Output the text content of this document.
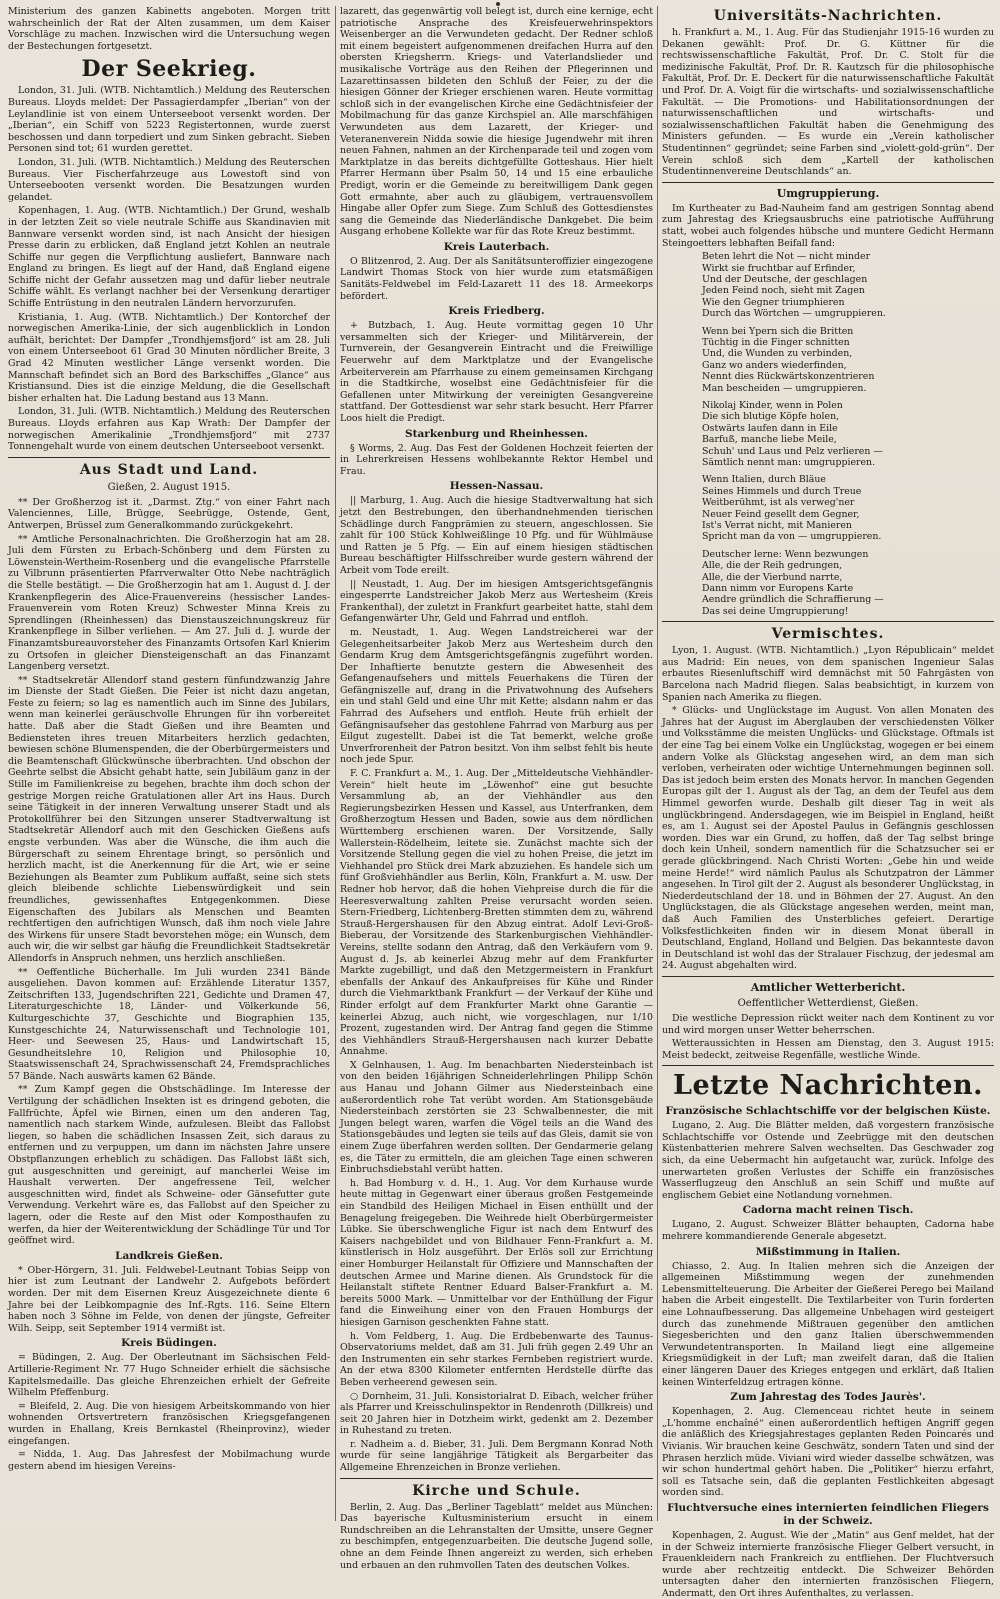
Ministerium des ganzen Kabinetts angeboten. Morgen tritt wahrscheinlich der Rat der Alten zusammen, um dem Kaiser Vorschläge zu machen. Inzwischen wird die Untersuchung wegen der Bestechungen fortgesetzt.

Der Seekrieg.

London, 31. Juli. (WTB. Nichtamtlich.) Meldung des Reuterschen Bureaus. Lloyds meldet: Der Passagierdampfer „Iberian“ von der Leylandlinie ist von einem Unterseeboot versenkt worden. Der „Iberian“, ein Schiff von 5223 Registertonnen, wurde zuerst beschossen und dann torpediert und zum Sinken gebracht. Sieben Personen sind tot; 61 wurden gerettet.

London, 31. Juli. (WTB. Nichtamtlich.) Meldung des Reuterschen Bureaus. Vier Fischerfahrzeuge aus Lowestoft sind von Unterseebooten versenkt worden. Die Besatzungen wurden gelandet.

Kopenhagen, 1. Aug. (WTB. Nichtamtlich.) Der Grund, weshalb in der letzten Zeit so viele neutrale Schiffe aus Skandinavien mit Bannware versenkt worden sind, ist nach Ansicht der hiesigen Presse darin zu erblicken, daß England jetzt Kohlen an neutrale Schiffe nur gegen die Verpflichtung ausliefert, Bannware nach England zu bringen. Es liegt auf der Hand, daß England eigene Schiffe nicht der Gefahr aussetzen mag und dafür lieber neutrale Schiffe wählt. Es verlangt nachher bei der Versenkung derartiger Schiffe Entrüstung in den neutralen Ländern hervorzurufen.

Kristiania, 1. Aug. (WTB. Nichtamtlich.) Der Kontorchef der norwegischen Amerika-Linie, der sich augenblicklich in London aufhält, berichtet: Der Dampfer „Trondhjemsfjord“ ist am 28. Juli von einem Unterseeboot 61 Grad 30 Minuten nördlicher Breite, 3 Grad 42 Minuten westlicher Länge versenkt worden. Die Mannschaft befindet sich an Bord des Barkschiffes „Glance“ aus Kristiansund. Dies ist die einzige Meldung, die die Gesellschaft bisher erhalten hat. Die Ladung bestand aus 13 Mann.

London, 31. Juli. (WTB. Nichtamtlich.) Meldung des Reuterschen Bureaus. Lloyds erfahren aus Kap Wrath: Der Dampfer der norwegischen Amerikalinie „Trondhjemsfjord“ mit 2737 Tonnengehalt wurde von einem deutschen Unterseeboot versenkt.

Aus Stadt und Land.
Gießen, 2. August 1915.

** Der Großherzog ist it. „Darmst. Ztg.“ von einer Fahrt nach Valenciennes, Lille, Brügge, Seebrügge, Ostende, Gent, Antwerpen, Brüssel zum Generalkommando zurückgekehrt.

** Amtliche Personalnachrichten. Die Großherzogin hat am 28. Juli dem Fürsten zu Erbach-Schönberg und dem Fürsten zu Löwenstein-Wertheim-Rosenberg und die evangelische Pfarrstelle zu Vilbrunn präsentierten Pfarrverwalter Otto Nebe nachträglich die Stelle bestätigt. — Die Großherzogin hat am 1. August d. J. der Krankenpflegerin des Alice-Frauenvereins (hessischer Landes-Frauenverein vom Roten Kreuz) Schwester Minna Kreis zu Sprendlingen (Rheinhessen) das Dienstauszeichnungskreuz für Krankenpflege in Silber verliehen. — Am 27. Juli d. J. wurde der Finanzamtsbureauvorsteher des Finanzamts Ortsofen Karl Knierim zu Ortsofen in gleicher Diensteigenschaft an das Finanzamt Langenberg versetzt.

** Stadtsekretär Allendorf stand gestern fünfundzwanzig Jahre im Dienste der Stadt Gießen. Die Feier ist nicht dazu angetan, Feste zu feiern; so lag es namentlich auch im Sinne des Jubilars, wenn man keinerlei geräuschvolle Ehrungen für ihn vorbereitet hatte. Daß aber die Stadt Gießen und ihre Beamten und Bediensteten ihres treuen Mitarbeiters herzlich gedachten, bewiesen schöne Blumenspenden, die der Oberbürgermeisters und die Beamtenschaft Glückwünsche überbrachten. Und obschon der Geehrte selbst die Absicht gehabt hatte, sein Jubiläum ganz in der Stille im Familienkreise zu begehen, brachte ihm doch schon der gestrige Morgen reiche Gratulationen aller Art ins Haus. Durch seine Tätigkeit in der inneren Verwaltung unserer Stadt und als Protokollführer bei den Sitzungen unserer Stadtverwaltung ist Stadtsekretär Allendorf auch mit den Geschicken Gießens aufs engste verbunden. Was aber die Wünsche, die ihm auch die Bürgerschaft zu seinem Ehrentage bringt, so persönlich und herzlich macht, ist die Anerkennung für die Art, wie er seine Beziehungen als Beamter zum Publikum auffaßt, seine sich stets gleich bleibende schlichte Liebenswürdigkeit und sein freundliches, gewissenhaftes Entgegenkommen. Diese Eigenschaften des Jubilars als Menschen und Beamten rechtfertigen den aufrichtigen Wunsch, daß ihm noch viele Jahre des Wirkens für unsere Stadt bevorstehen möge; ein Wunsch, dem auch wir, die wir selbst gar häufig die Freundlichkeit Stadtsekretär Allendorfs in Anspruch nehmen, uns herzlich anschließen.

** Oeffentliche Bücherhalle. Im Juli wurden 2341 Bände ausgeliehen. Davon kommen auf: Erzählende Literatur 1357, Zeitschriften 133, Jugendschriften 221, Gedichte und Dramen 47, Literaturgeschichte 18, Länder- und Völkerkunde 56, Kulturgeschichte 37, Geschichte und Biographien 135, Kunstgeschichte 24, Naturwissenschaft und Technologie 101, Heer- und Seewesen 25, Haus- und Landwirtschaft 15, Gesundheitslehre 10, Religion und Philosophie 10, Staatswissenschaft 24, Sprachwissenschaft 24, Fremdsprachliches 57 Bände. Nach auswärts kamen 62 Bände.

** Zum Kampf gegen die Obstschädlinge. Im Interesse der Vertilgung der schädlichen Insekten ist es dringend geboten, die Fallfrüchte, Äpfel wie Birnen, einen um den anderen Tag, namentlich nach starkem Winde, aufzulesen. Bleibt das Fallobst liegen, so haben die schädlichen Insassen Zeit, sich daraus zu entfernen und zu verpuppen, um dann im nächsten Jahre unsere Obstpflanzungen erheblich zu schädigen. Das Fallobst läßt sich, gut ausgeschnitten und gereinigt, auf mancherlei Weise im Haushalt verwerten. Der angefressene Teil, welcher ausgeschnitten wird, findet als Schweine- oder Gänsefutter gute Verwendung. Verkehrt wäre es, das Fallobst auf den Speicher zu lagern, oder die Reste auf den Mist oder Komposthaufen zu werfen, da hier der Weiterentwicklung der Schädlinge Tür und Tor geöffnet wird.

Landkreis Gießen.

* Ober-Hörgern, 31. Juli. Feldwebel-Leutnant Tobias Seipp von hier ist zum Leutnant der Landwehr 2. Aufgebots befördert worden. Der mit dem Eisernen Kreuz Ausgezeichnete diente 6 Jahre bei der Leibkompagnie des Inf.-Rgts. 116. Seine Eltern haben noch 3 Söhne im Felde, von denen der jüngste, Gefreiter Wilh. Seipp, seit September 1914 vermißt ist.

Kreis Büdingen.

= Büdingen, 2. Aug. Der Oberleutnant im Sächsischen Feld-Artillerie-Regiment Nr. 77 Hugo Schneider erhielt die sächsische Kapitelsmedaille. Das gleiche Ehrenzeichen erhielt der Gefreite Wilhelm Pfeffenburg.

= Bleifeld, 2. Aug. Die von hiesigem Arbeitskommando von hier wohnenden Ortsvertretern französischen Kriegsgefangenen wurden in Ehallang, Kreis Bernkastel (Rheinprovinz), wieder eingefangen.

= Nidda, 1. Aug. Das Jahresfest der Mobilmachung wurde gestern abend im hiesigen Vereins-

lazarett, das gegenwärtig voll belegt ist, durch eine kernige, echt patriotische Ansprache des Kreisfeuerwehrinspektors Weisenberger an die Verwundeten gedacht. Der Redner schloß mit einem begeistert aufgenommenen dreifachen Hurra auf den obersten Kriegsherrn. Kriegs- und Vaterlandslieder und musikalische Vorträge aus den Reihen der Pflegerinnen und Lazarettinsassen bildeten den Schluß der Feier, zu der die hiesigen Gönner der Krieger erschienen waren. Heute vormittag schloß sich in der evangelischen Kirche eine Gedächtnisfeier der Mobilmachung für das ganze Kirchspiel an. Alle marschfähigen Verwundeten aus dem Lazarett, der Krieger- und Veteranenverein Nidda sowie die hiesige Jugendwehr mit ihren neuen Fahnen, nahmen an der Kirchenparade teil und zogen vom Marktplatze in das bereits dichtgefüllte Gotteshaus. Hier hielt Pfarrer Hermann über Psalm 50, 14 und 15 eine erbauliche Predigt, worin er die Gemeinde zu bereitwilligem Dank gegen Gott ermahnte, aber auch zu gläubigem, vertrauensvollem Hingabe aller Opfer zum Siege. Zum Schluß des Gottesdienstes sang die Gemeinde das Niederländische Dankgebet. Die beim Ausgang erhobene Kollekte war für das Rote Kreuz bestimmt.

Kreis Lauterbach.

O Blitzenrod, 2. Aug. Der als Sanitätsunteroffizier eingezogene Landwirt Thomas Stock von hier wurde zum etatsmäßigen Sanitäts-Feldwebel im Feld-Lazarett 11 des 18. Armeekorps befördert.

Kreis Friedberg.

+ Butzbach, 1. Aug. Heute vormittag gegen 10 Uhr versammelten sich der Krieger- und Militärverein, der Turnverein, der Gesangverein Eintracht und die Freiwillige Feuerwehr auf dem Marktplatze und der Evangelische Arbeiterverein am Pfarrhause zu einem gemeinsamen Kirchgang in die Stadtkirche, woselbst eine Gedächtnisfeier für die Gefallenen unter Mitwirkung der vereinigten Gesangvereine stattfand. Der Gottesdienst war sehr stark besucht. Herr Pfarrer Loos hielt die Predigt.

Starkenburg und Rheinhessen.

§ Worms, 2. Aug. Das Fest der Goldenen Hochzeit feierten der in Lehrerkreisen Hessens wohlbekannte Rektor Hembel und Frau.

Hessen-Nassau.

|| Marburg, 1. Aug. Auch die hiesige Stadtverwaltung hat sich jetzt den Bestrebungen, den überhandnehmenden tierischen Schädlinge durch Fangprämien zu steuern, angeschlossen. Sie zahlt für 100 Stück Kohlweißlinge 10 Pfg. und für Wühlmäuse und Ratten je 5 Pfg. — Ein auf einem hiesigen städtischen Bureau beschäftigter Hilfsschreiber wurde gestern während der Arbeit vom Tode ereilt.

|| Neustadt, 1. Aug. Der im hiesigen Amtsgerichtsgefängnis eingesperrte Landstreicher Jakob Merz aus Wertesheim (Kreis Frankenthal), der zuletzt in Frankfurt gearbeitet hatte, stahl dem Gefangenwärter Uhr, Geld und Fahrrad und entfloh.

m. Neustadt, 1. Aug. Wegen Landstreicherei war der Gelegenheitsarbeiter Jakob Merz aus Wertesheim durch den Gendarm Krug dem Amtsgerichtsgefängnis zugeführt worden. Der Inhaftierte benutzte gestern die Abwesenheit des Gefangenaufsehers und mittels Feuerhakens die Türen der Gefängniszelle auf, drang in die Privatwohnung des Aufsehers ein und stahl Geld und eine Uhr mit Kette; alsdann nahm er das Fahrrad des Aufsehers und entfloh. Heute früh erhielt der Gefängnisaufseher das gestohlene Fahrrad von Marburg aus per Eilgut zugestellt. Dabei ist die Tat bemerkt, welche große Unverfrorenheit der Patron besitzt. Von ihm selbst fehlt bis heute noch jede Spur.

F. C. Frankfurt a. M., 1. Aug. Der „Mitteldeutsche Viehhändler-Verein“ hielt heute im „Löwenhof“ eine gut besuchte Versammlung ab, an der Viehhändler aus den Regierungsbezirken Hessen und Kassel, aus Unterfranken, dem Großherzogtum Hessen und Baden, sowie aus dem nördlichen Württemberg erschienen waren. Der Vorsitzende, Sally Wallerstein-Rödelheim, leitete sie. Zunächst machte sich der Vorsitzende Stellung gegen die viel zu hohen Preise, die jetzt im Viehhandel pro Stück drei Mark abzuziehen. Es handele sich um fünf Großviehhändler aus Berlin, Köln, Frankfurt a. M. usw. Der Redner hob hervor, daß die hohen Viehpreise durch die für die Heeresverwaltung zahlten Preise verursacht worden seien. Stern-Friedberg, Lichtenberg-Bretten stimmten dem zu, während Strauß-Hergershausen für den Abzug eintrat. Adolf Levi-Groß-Bieberau, der Vorsitzende des Starkenburgischen Viehhändler-Vereins, stellte sodann den Antrag, daß den Verkäufern vom 9. August d. Js. ab keinerlei Abzug mehr auf dem Frankfurter Markte zugebilligt, und daß den Metzgermeistern in Frankfurt ebenfalls der Ankauf des Ankaufpreises für Kühe und Rinder durch die Viehmarktbank Frankfurt — der Verkauf der Kühe und Rinder erfolgt auf dem Frankfurter Markt ohne Garantie — keinerlei Abzug, auch nicht, wie vorgeschlagen, nur 1/10 Prozent, zugestanden wird. Der Antrag fand gegen die Stimme des Viehhändlers Strauß-Hergershausen nach kurzer Debatte Annahme.

X Gelnhausen, 1. Aug. Im benachbarten Niedersteinbach ist von den beiden 16jährigen Schneiderlehrlingen Philipp Schön aus Hanau und Johann Gilmer aus Niedersteinbach eine außerordentlich rohe Tat verübt worden. Am Stationsgebäude Niedersteinbach zerstörten sie 23 Schwalbennester, die mit Jungen belegt waren, warfen die Vögel teils an die Wand des Stationsgebäudes und legten sie teils auf das Gleis, damit sie von einem Zuge überfahren werden sollten. Der Gendarmerie gelang es, die Täter zu ermitteln, die am gleichen Tage einen schweren Einbruchsdiebstahl verübt hatten.

h. Bad Homburg v. d. H., 1. Aug. Vor dem Kurhause wurde heute mittag in Gegenwart einer überaus großen Festgemeinde ein Standbild des Heiligen Michael in Eisen enthüllt und der Benagelung freigegeben. Die Weihrede hielt Oberbürgermeister Lübke. Sie überschwengliche Figur ist nach dem Entwurf des Kaisers nachgebildet und von Bildhauer Fenn-Frankfurt a. M. künstlerisch in Holz ausgeführt. Der Erlös soll zur Errichtung einer Homburger Heilanstalt für Offiziere und Mannschaften der deutschen Armee und Marine dienen. Als Grundstock für die Heilanstalt stiftete Rentner Eduard Balser-Frankfurt a. M. bereits 5000 Mark. — Unmittelbar vor der Enthüllung der Figur fand die Einweihung einer von den Frauen Homburgs der hiesigen Garnison geschenkten Fahne statt.

h. Vom Feldberg, 1. Aug. Die Erdbebenwarte des Taunus-Observatoriums meldet, daß am 31. Juli früh gegen 2.49 Uhr an den Instrumenten ein sehr starkes Fernbeben registriert wurde. An der etwa 8300 Kilometer entfernten Herdstelle dürfte das Beben verheerend gewesen sein.

○ Dornheim, 31. Juli. Konsistorialrat D. Eibach, welcher früher als Pfarrer und Kreisschulinspektor in Rendenroth (Dillkreis) und seit 20 Jahren hier in Dotzheim wirkt, gedenkt am 2. Dezember in Ruhestand zu treten.

r. Nadheim a. d. Bieber, 31. Juli. Dem Bergmann Konrad Noth wurde für seine langjährige Tätigkeit als Bergarbeiter das Allgemeine Ehrenzeichen in Bronze verliehen.

Kirche und Schule.

Berlin, 2. Aug. Das „Berliner Tageblatt“ meldet aus München: Das bayerische Kultusministerium ersucht in einem Rundschreiben an die Lehranstalten der Umsitte, unsere Gegner zu beschimpfen, entgegenzuarbeiten. Die deutsche Jugend solle, ohne an dem Feinde Ihnen angereizt zu werden, sich erheben und erbauen an den ruhmvollen Taten des deutschen Volkes.

Universitäts-Nachrichten.

h. Frankfurt a. M., 1. Aug. Für das Studienjahr 1915-16 wurden zu Dekanen gewählt: Prof. Dr. G. Küttner für die rechtswissenschaftliche Fakultät, Prof. Dr. C. Stolt für die medizinische Fakultät, Prof. Dr. R. Kautzsch für die philosophische Fakultät, Prof. Dr. E. Deckert für die naturwissenschaftliche Fakultät und Prof. Dr. A. Voigt für die wirtschafts- und sozialwissenschaftliche Fakultät. — Die Promotions- und Habilitationsordnungen der naturwissenschaftlichen und wirtschafts- und sozialwissenschaftlichen Fakultät haben die Genehmigung des Ministers gefunden. — Es wurde ein „Verein katholischer Studentinnen“ gegründet; seine Farben sind „violett-gold-grün“. Der Verein schloß sich dem „Kartell der katholischen Studentinnenvereine Deutschlands“ an.

Umgruppierung.

Im Kurtheater zu Bad-Nauheim fand am gestrigen Sonntag abend zum Jahrestag des Kriegsausbruchs eine patriotische Aufführung statt, wobei auch folgendes hübsche und muntere Gedicht Hermann Steingoetters lebhaften Beifall fand:

Beten lehrt die Not — nicht minder

Wirkt sie fruchtbar auf Erfinder,

Und der Deutsche, der geschlagen

Jeden Feind noch, sieht mit Zagen

Wie den Gegner triumphieren

Durch das Wörtchen — umgruppieren.

Wenn bei Ypern sich die Britten

Tüchtig in die Finger schnitten

Und, die Wunden zu verbinden,

Ganz wo anders wiederfinden,

Nennt dies Rückwärtskonzentrieren

Man bescheiden — umgruppieren.

Nikolaj Kinder, wenn in Polen

Die sich blutige Köpfe holen,

Ostwärts laufen dann in Eile

Barfuß, manche liebe Meile,

Schuh' und Laus und Pelz verlieren —

Sämtlich nennt man: umgruppieren.

Wenn Italien, durch Bläue

Seines Himmels und durch Treue

Weitberühmt, ist als verweg'ner

Neuer Feind gesellt dem Gegner,

Ist's Verrat nicht, mit Manieren

Spricht man da von — umgruppieren.

Deutscher lerne: Wenn bezwungen

Alle, die der Reih gedrungen,

Alle, die der Vierbund narrte,

Dann nimm vor Europens Karte

Aendre gründlich die Schraffierung —

Das sei deine Umgruppierung!

Vermischtes.

Lyon, 1. August. (WTB. Nichtamtlich.) „Lyon Républicain“ meldet aus Madrid: Ein neues, von dem spanischen Ingenieur Salas erbautes Riesenluftschiff wird demnächst mit 50 Fahrgästen von Barcelona nach Madrid fliegen. Salas beabsichtigt, in kurzem von Spanien nach Amerika zu fliegen.

* Glücks- und Unglückstage im August. Von allen Monaten des Jahres hat der August im Aberglauben der verschiedensten Völker und Volksstämme die meisten Unglücks- und Glückstage. Oftmals ist der eine Tag bei einem Volke ein Unglückstag, wogegen er bei einem andern Volke als Glückstag angesehen wird, an dem man sich verloben, verheiraten oder wichtige Unternehmungen beginnen soll. Das ist jedoch beim ersten des Monats hervor. In manchen Gegenden Europas gilt der 1. August als der Tag, an dem der Teufel aus dem Himmel geworfen wurde. Deshalb gilt dieser Tag in weit als unglückbringend. Andersdagegen, wie im Beispiel in England, heißt es, am 1. August sei der Apostel Paulus in Gefängnis geschlossen worden. Dies war ein Grund, zu hoffen, daß der Tag selbst bringe doch kein Unheil, sondern namentlich für die Schatzsucher sei er gerade glückbringend. Nach Christi Worten: „Gebe hin und weide meine Herde!“ wird nämlich Paulus als Schutzpatron der Lämmer angesehen. In Tirol gilt der 2. August als besonderer Unglückstag, in Niederdeutschland der 18. und in Böhmen der 27. August. An den Unglückstagen, die als Glückstage angesehen werden, meint man, daß Auch Familien des Unsterbliches gefeiert. Derartige Volksfestlichkeiten finden wir in diesem Monat überall in Deutschland, England, Holland und Belgien. Das bekannteste davon in Deutschland ist wohl das der Stralauer Fischzug, der jedesmal am 24. August abgehalten wird.

Amtlicher Wetterbericht.
Oeffentlicher Wetterdienst, Gießen.

Die westliche Depression rückt weiter nach dem Kontinent zu vor und wird morgen unser Wetter beherrschen.

Wetteraussichten in Hessen am Dienstag, den 3. August 1915: Meist bedeckt, zeitweise Regenfälle, westliche Winde.

Letzte Nachrichten.
Französische Schlachtschiffe vor der belgischen Küste.

Lugano, 2. Aug. Die Blätter melden, daß vorgestern französische Schlachtschiffe vor Ostende und Zeebrügge mit den deutschen Küstenbatterien mehrere Salven wechselten. Das Geschwader zog sich, da eine Uebermacht hin aufgetaucht war, zurück. Infolge des unerwarteten großen Verlustes der Schiffe ein französisches Wasserflugzeug den Anschluß an sein Schiff und mußte auf englischem Gebiet eine Notlandung vornehmen.

Cadorna macht reinen Tisch.

Lugano, 2. August. Schweizer Blätter behaupten, Cadorna habe mehrere kommandierende Generale abgesetzt.

Mißstimmung in Italien.

Chiasso, 2. Aug. In Italien mehren sich die Anzeigen der allgemeinen Mißstimmung wegen der zunehmenden Lebensmittelteuerung. Die Arbeiter der Gießerei Perego bei Mailand haben die Arbeit eingestellt. Die Textilarbeiter von Turin forderten eine Lohnaufbesserung. Das allgemeine Unbehagen wird gesteigert durch das zunehmende Mißtrauen gegenüber den amtlichen Siegesberichten und den ganz Italien überschwemmenden Verwundetentransporten. In Mailand liegt eine allgemeine Kriegsmüdigkeit in der Luft; man zweifelt daran, daß die Italien einer längeren Dauer des Krieges entgegen und erklärt, daß Italien keinen Winterfeldzug ertragen könne.

Zum Jahrestag des Todes Jaurès'.

Kopenhagen, 2. Aug. Clemenceau richtet heute in seinem „L'homme enchaîné“ einen außerordentlich heftigen Angriff gegen die anläßlich des Kriegsjahrestages geplanten Reden Poincarés und Vivianis. Wir brauchen keine Geschwätz, sondern Taten und sind der Phrasen herzlich müde. Viviani wird wieder dasselbe schwätzen, was wir schon hundertmal gehört haben. Die „Politiker“ hierzu erfahrt, soll es Tatsache sein, daß die geplanten Festlichkeiten abgesagt worden sind.

Fluchtversuche eines internierten feindlichen Fliegers in der Schweiz.

Kopenhagen, 2. August. Wie der „Matin“ aus Genf meldet, hat der in der Schweiz internierte französische Flieger Gelbert versucht, in Frauenkleidern nach Frankreich zu entfliehen. Der Fluchtversuch wurde aber rechtzeitig entdeckt. Die Schweizer Behörden untersagten daher den internierten französischen Fliegern, Andermatt, den Ort ihres Aufenthaltes, zu verlassen.
